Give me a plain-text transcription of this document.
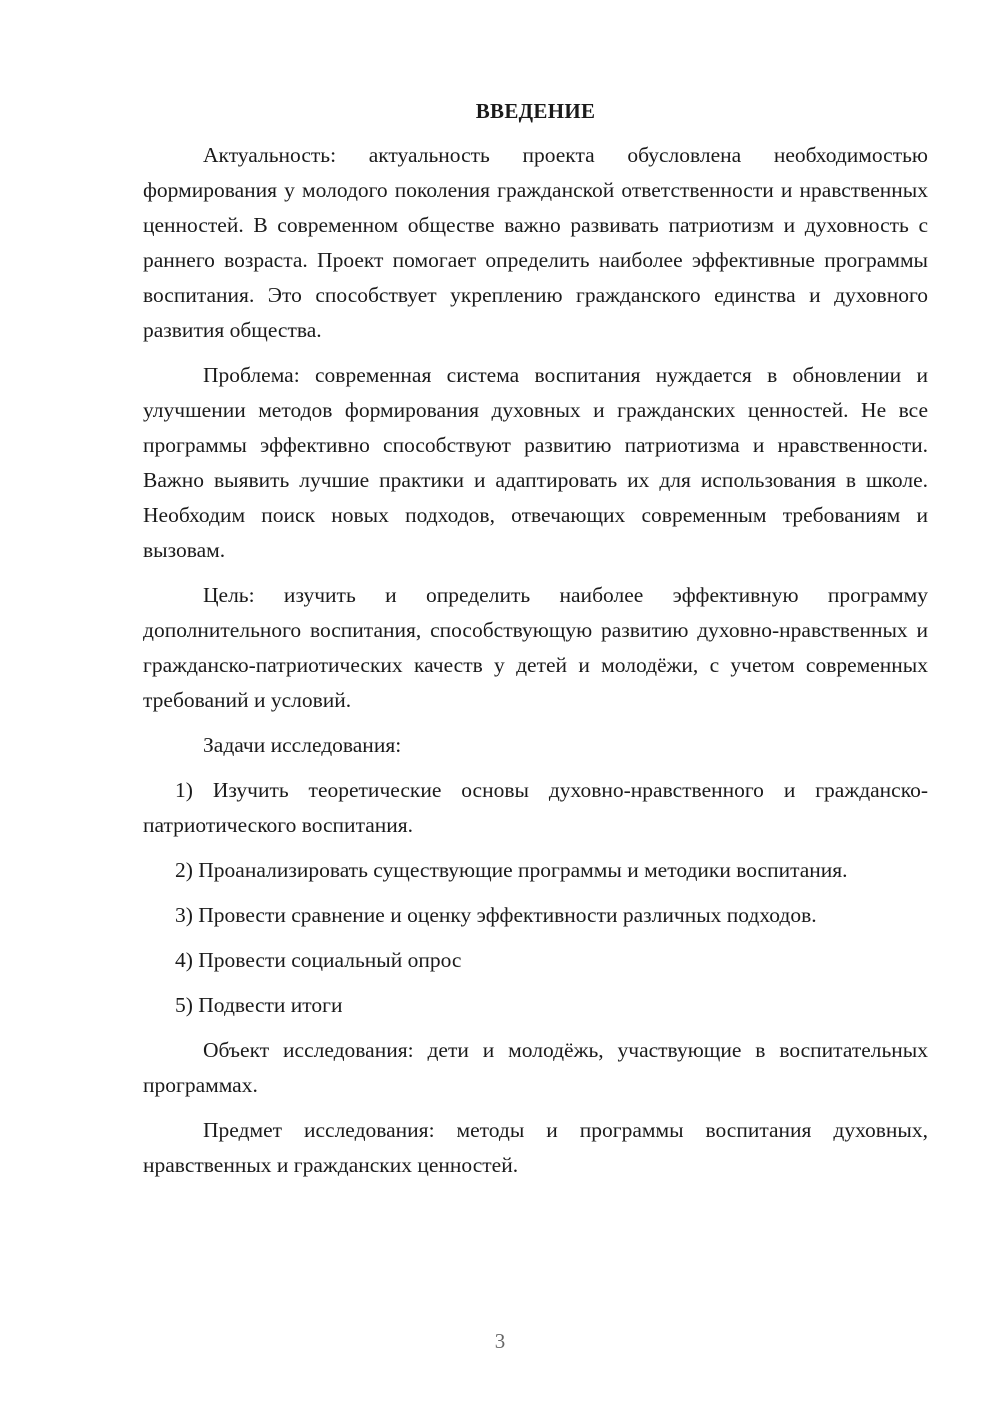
ВВЕДЕНИЕ

Актуальность: актуальность проекта обусловлена необходимостью формирования у молодого поколения гражданской ответственности и нравственных ценностей. В современном обществе важно развивать патриотизм и духовность с раннего возраста. Проект помогает определить наиболее эффективные программы воспитания. Это способствует укреплению гражданского единства и духовного развития общества.

Проблема: современная система воспитания нуждается в обновлении и улучшении методов формирования духовных и гражданских ценностей. Не все программы эффективно способствуют развитию патриотизма и нравственности. Важно выявить лучшие практики и адаптировать их для использования в школе. Необходим поиск новых подходов, отвечающих современным требованиям и вызовам.

Цель: изучить и определить наиболее эффективную программу дополнительного воспитания, способствующую развитию духовно-нравственных и гражданско-патриотических качеств у детей и молодёжи, с учетом современных требований и условий.

Задачи исследования:

1) Изучить теоретические основы духовно-нравственного и гражданско-патриотического воспитания.

2) Проанализировать существующие программы и методики воспитания.

3) Провести сравнение и оценку эффективности различных подходов.

4) Провести социальный опрос

5) Подвести итоги

Объект исследования: дети и молодёжь, участвующие в воспитательных программах.

Предмет исследования: методы и программы воспитания духовных, нравственных и гражданских ценностей.

3
